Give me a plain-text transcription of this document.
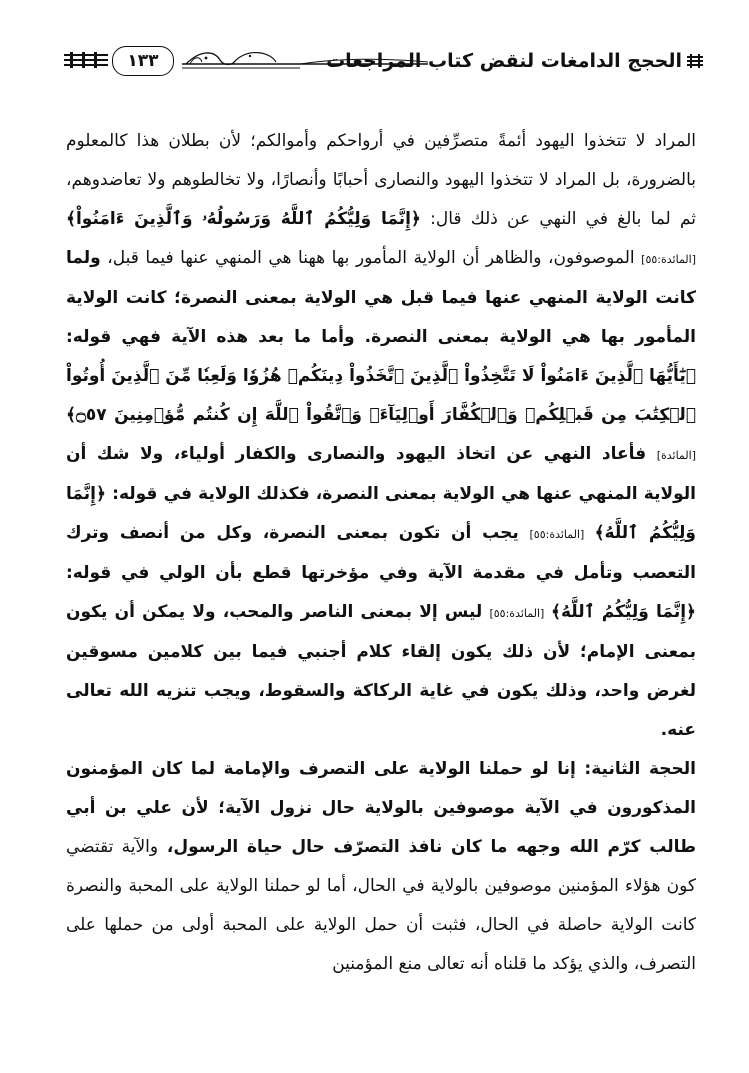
الحجج الدامغات لنقض كتاب المراجعات
١٣٣

المراد لا تتخذوا اليهود أئمةً متصرِّفين في أرواحكم وأموالكم؛ لأن بطلان هذا كالمعلوم بالضرورة، بل المراد لا تتخذوا اليهود والنصارى أحبابًا وأنصارًا، ولا تخالطوهم ولا تعاضدوهم، ثم لما بالغ في النهي عن ذلك قال: ﴿إِنَّمَا وَلِيُّكُمُ ٱللَّهُ وَرَسُولُهُۥ وَٱلَّذِينَ ءَامَنُواْ﴾ [المائدة:٥٥] الموصوفون، والظاهر أن الولاية المأمور بها ههنا هي المنهي عنها فيما قبل، ولما كانت الولاية المنهي عنها فيما قبل هي الولاية بمعنى النصرة؛ كانت الولاية المأمور بها هي الولاية بمعنى النصرة. وأما ما بعد هذه الآية فهي قوله: ﴿يَٰٓأَيُّهَا ٱلَّذِينَ ءَامَنُواْ لَا تَتَّخِذُواْ ٱلَّذِينَ ٱتَّخَذُواْ دِينَكُمۡ هُزُوٗا وَلَعِبٗا مِّنَ ٱلَّذِينَ أُوتُواْ ٱلۡكِتَٰبَ مِن قَبۡلِكُمۡ وَٱلۡكُفَّارَ أَوۡلِيَآءَۚ وَٱتَّقُواْ ٱللَّهَ إِن كُنتُم مُّؤۡمِنِينَ ۝٥٧﴾ [المائدة] فأعاد النهي عن اتخاذ اليهود والنصارى والكفار أولياء، ولا شك أن الولاية المنهي عنها هي الولاية بمعنى النصرة، فكذلك الولاية في قوله: ﴿إِنَّمَا وَلِيُّكُمُ ٱللَّهُ﴾ [المائدة:٥٥] يجب أن تكون بمعنى النصرة، وكل من أنصف وترك التعصب وتأمل في مقدمة الآية وفي مؤخرتها قطع بأن الولي في قوله: ﴿إِنَّمَا وَلِيُّكُمُ ٱللَّهُ﴾ [المائدة:٥٥] ليس إلا بمعنى الناصر والمحب، ولا يمكن أن يكون بمعنى الإمام؛ لأن ذلك يكون إلقاء كلام أجنبي فيما بين كلامين مسوقين لغرض واحد، وذلك يكون في غاية الركاكة والسقوط، ويجب تنزيه الله تعالى عنه.

الحجة الثانية: إنا لو حملنا الولاية على التصرف والإمامة لما كان المؤمنون المذكورون في الآية موصوفين بالولاية حال نزول الآية؛ لأن علي بن أبي طالب كرّم الله وجهه ما كان نافذ التصرّف حال حياة الرسول، والآية تقتضي كون هؤلاء المؤمنين موصوفين بالولاية في الحال، أما لو حملنا الولاية على المحبة والنصرة كانت الولاية حاصلة في الحال، فثبت أن حمل الولاية على المحبة أولى من حملها على التصرف، والذي يؤكد ما قلناه أنه تعالى منع المؤمنين
